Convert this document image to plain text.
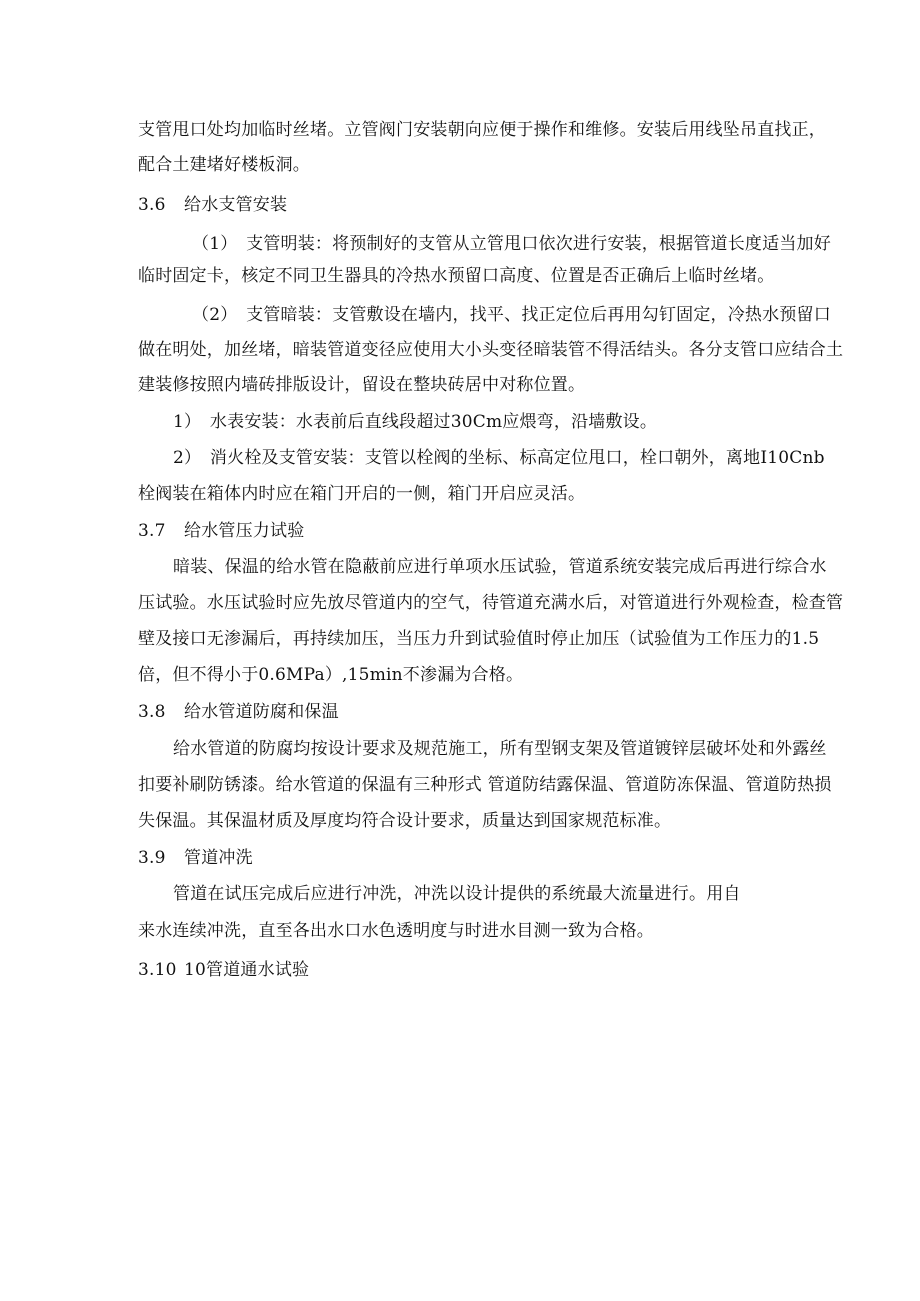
支管甩口处均加临时丝堵。立管阀门安装朝向应便于操作和维修。安装后用线坠吊直找正，
配合土建堵好楼板洞。
3.6 给水支管安装
（1）　支管明装：将预制好的支管从立管甩口依次进行安装，根据管道长度适当加好
临时固定卡，核定不同卫生器具的冷热水预留口高度、位置是否正确后上临时丝堵。
（2）　支管暗装：支管敷设在墙内，找平、找正定位后再用勾钉固定，冷热水预留口
做在明处，加丝堵，暗装管道变径应使用大小头变径暗装管不得活结头。各分支管口应结合土
建装修按照内墙砖排版设计，留设在整块砖居中对称位置。
1）　水表安装：水表前后直线段超过30Cm应煨弯，沿墙敷设。
2）　消火栓及支管安装：支管以栓阀的坐标、标高定位甩口，栓口朝外，离地I10Cnb
栓阀装在箱体内时应在箱门开启的一侧，箱门开启应灵活。
3.7 给水管压力试验
暗装、保温的给水管在隐蔽前应进行单项水压试验，管道系统安装完成后再进行综合水
压试验。水压试验时应先放尽管道内的空气，待管道充满水后，对管道进行外观检查，检查管
壁及接口无渗漏后，再持续加压，当压力升到试验值时停止加压（试验值为工作压力的1.5
倍，但不得小于0.6MPa）,15min不渗漏为合格。
3.8 给水管道防腐和保温
给水管道的防腐均按设计要求及规范施工，所有型钢支架及管道镀锌层破坏处和外露丝
扣要补刷防锈漆。给水管道的保温有三种形式 管道防结露保温、管道防冻保温、管道防热损
失保温。其保温材质及厚度均符合设计要求，质量达到国家规范标准。
3.9 管道冲洗
管道在试压完成后应进行冲洗，冲洗以设计提供的系统最大流量进行。用自
来水连续冲洗，直至各出水口水色透明度与时进水目测一致为合格。
3.10 10管道通水试验
